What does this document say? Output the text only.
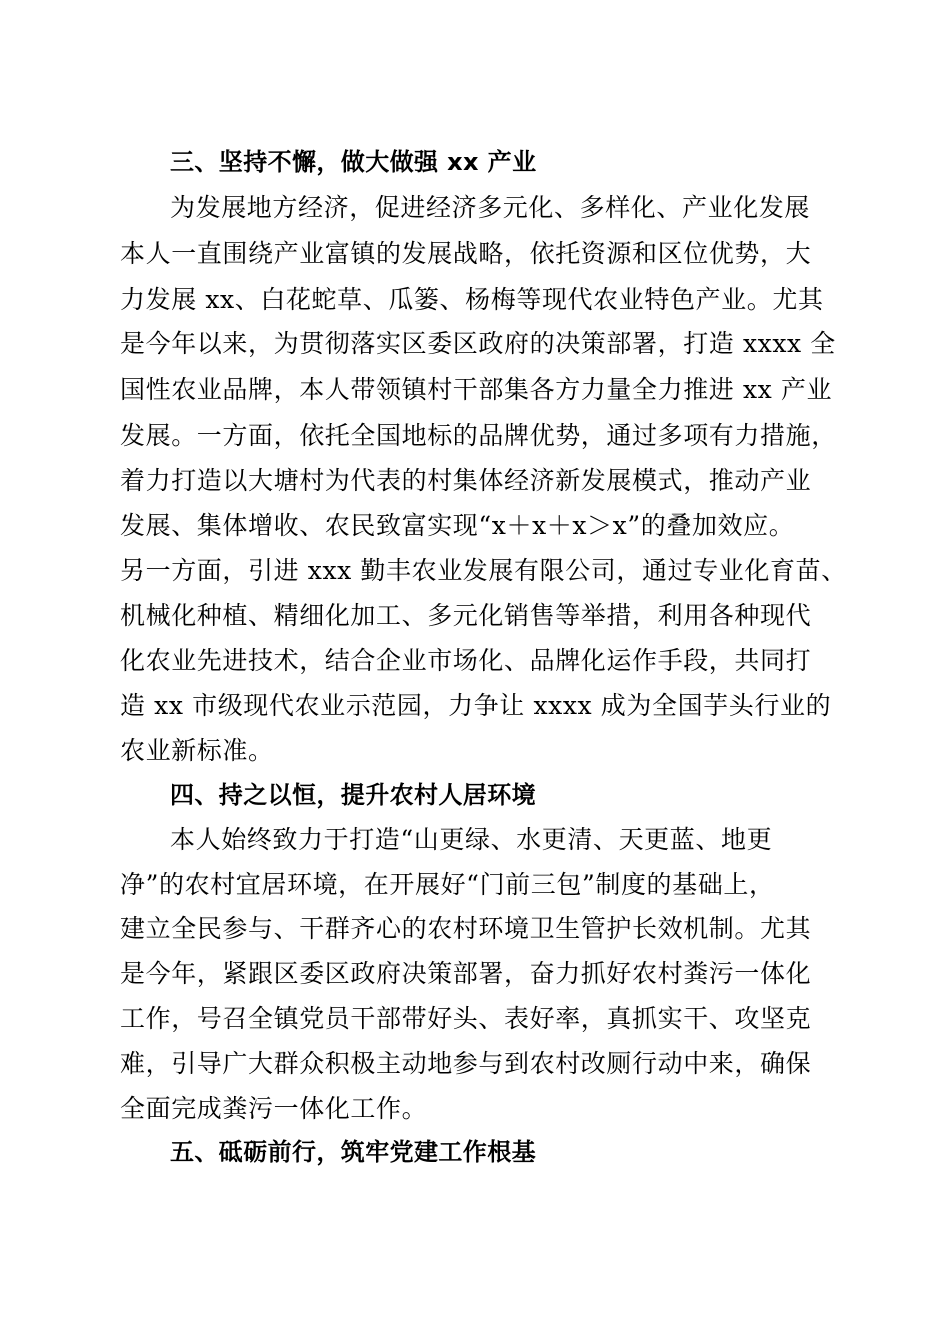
三、坚持不懈，做大做强 xx 产业
为发展地方经济，促进经济多元化、多样化、产业化发展
本人一直围绕产业富镇的发展战略，依托资源和区位优势，大
力发展 xx、白花蛇草、瓜篓、杨梅等现代农业特色产业。尤其
是今年以来，为贯彻落实区委区政府的决策部署，打造 xxxx 全
国性农业品牌，本人带领镇村干部集各方力量全力推进 xx 产业
发展。一方面，依托全国地标的品牌优势，通过多项有力措施，
着力打造以大塘村为代表的村集体经济新发展模式，推动产业
发展、集体增收、农民致富实现“x＋x＋x＞x”的叠加效应。
另一方面，引进 xxx 勤丰农业发展有限公司，通过专业化育苗、
机械化种植、精细化加工、多元化销售等举措，利用各种现代
化农业先进技术，结合企业市场化、品牌化运作手段，共同打
造 xx 市级现代农业示范园，力争让 xxxx 成为全国芋头行业的
农业新标准。
四、持之以恒，提升农村人居环境
本人始终致力于打造“山更绿、水更清、天更蓝、地更
净”的农村宜居环境，在开展好“门前三包”制度的基础上，
建立全民参与、干群齐心的农村环境卫生管护长效机制。尤其
是今年，紧跟区委区政府决策部署，奋力抓好农村粪污一体化
工作，号召全镇党员干部带好头、表好率，真抓实干、攻坚克
难，引导广大群众积极主动地参与到农村改厕行动中来，确保
全面完成粪污一体化工作。
五、砥砺前行，筑牢党建工作根基
